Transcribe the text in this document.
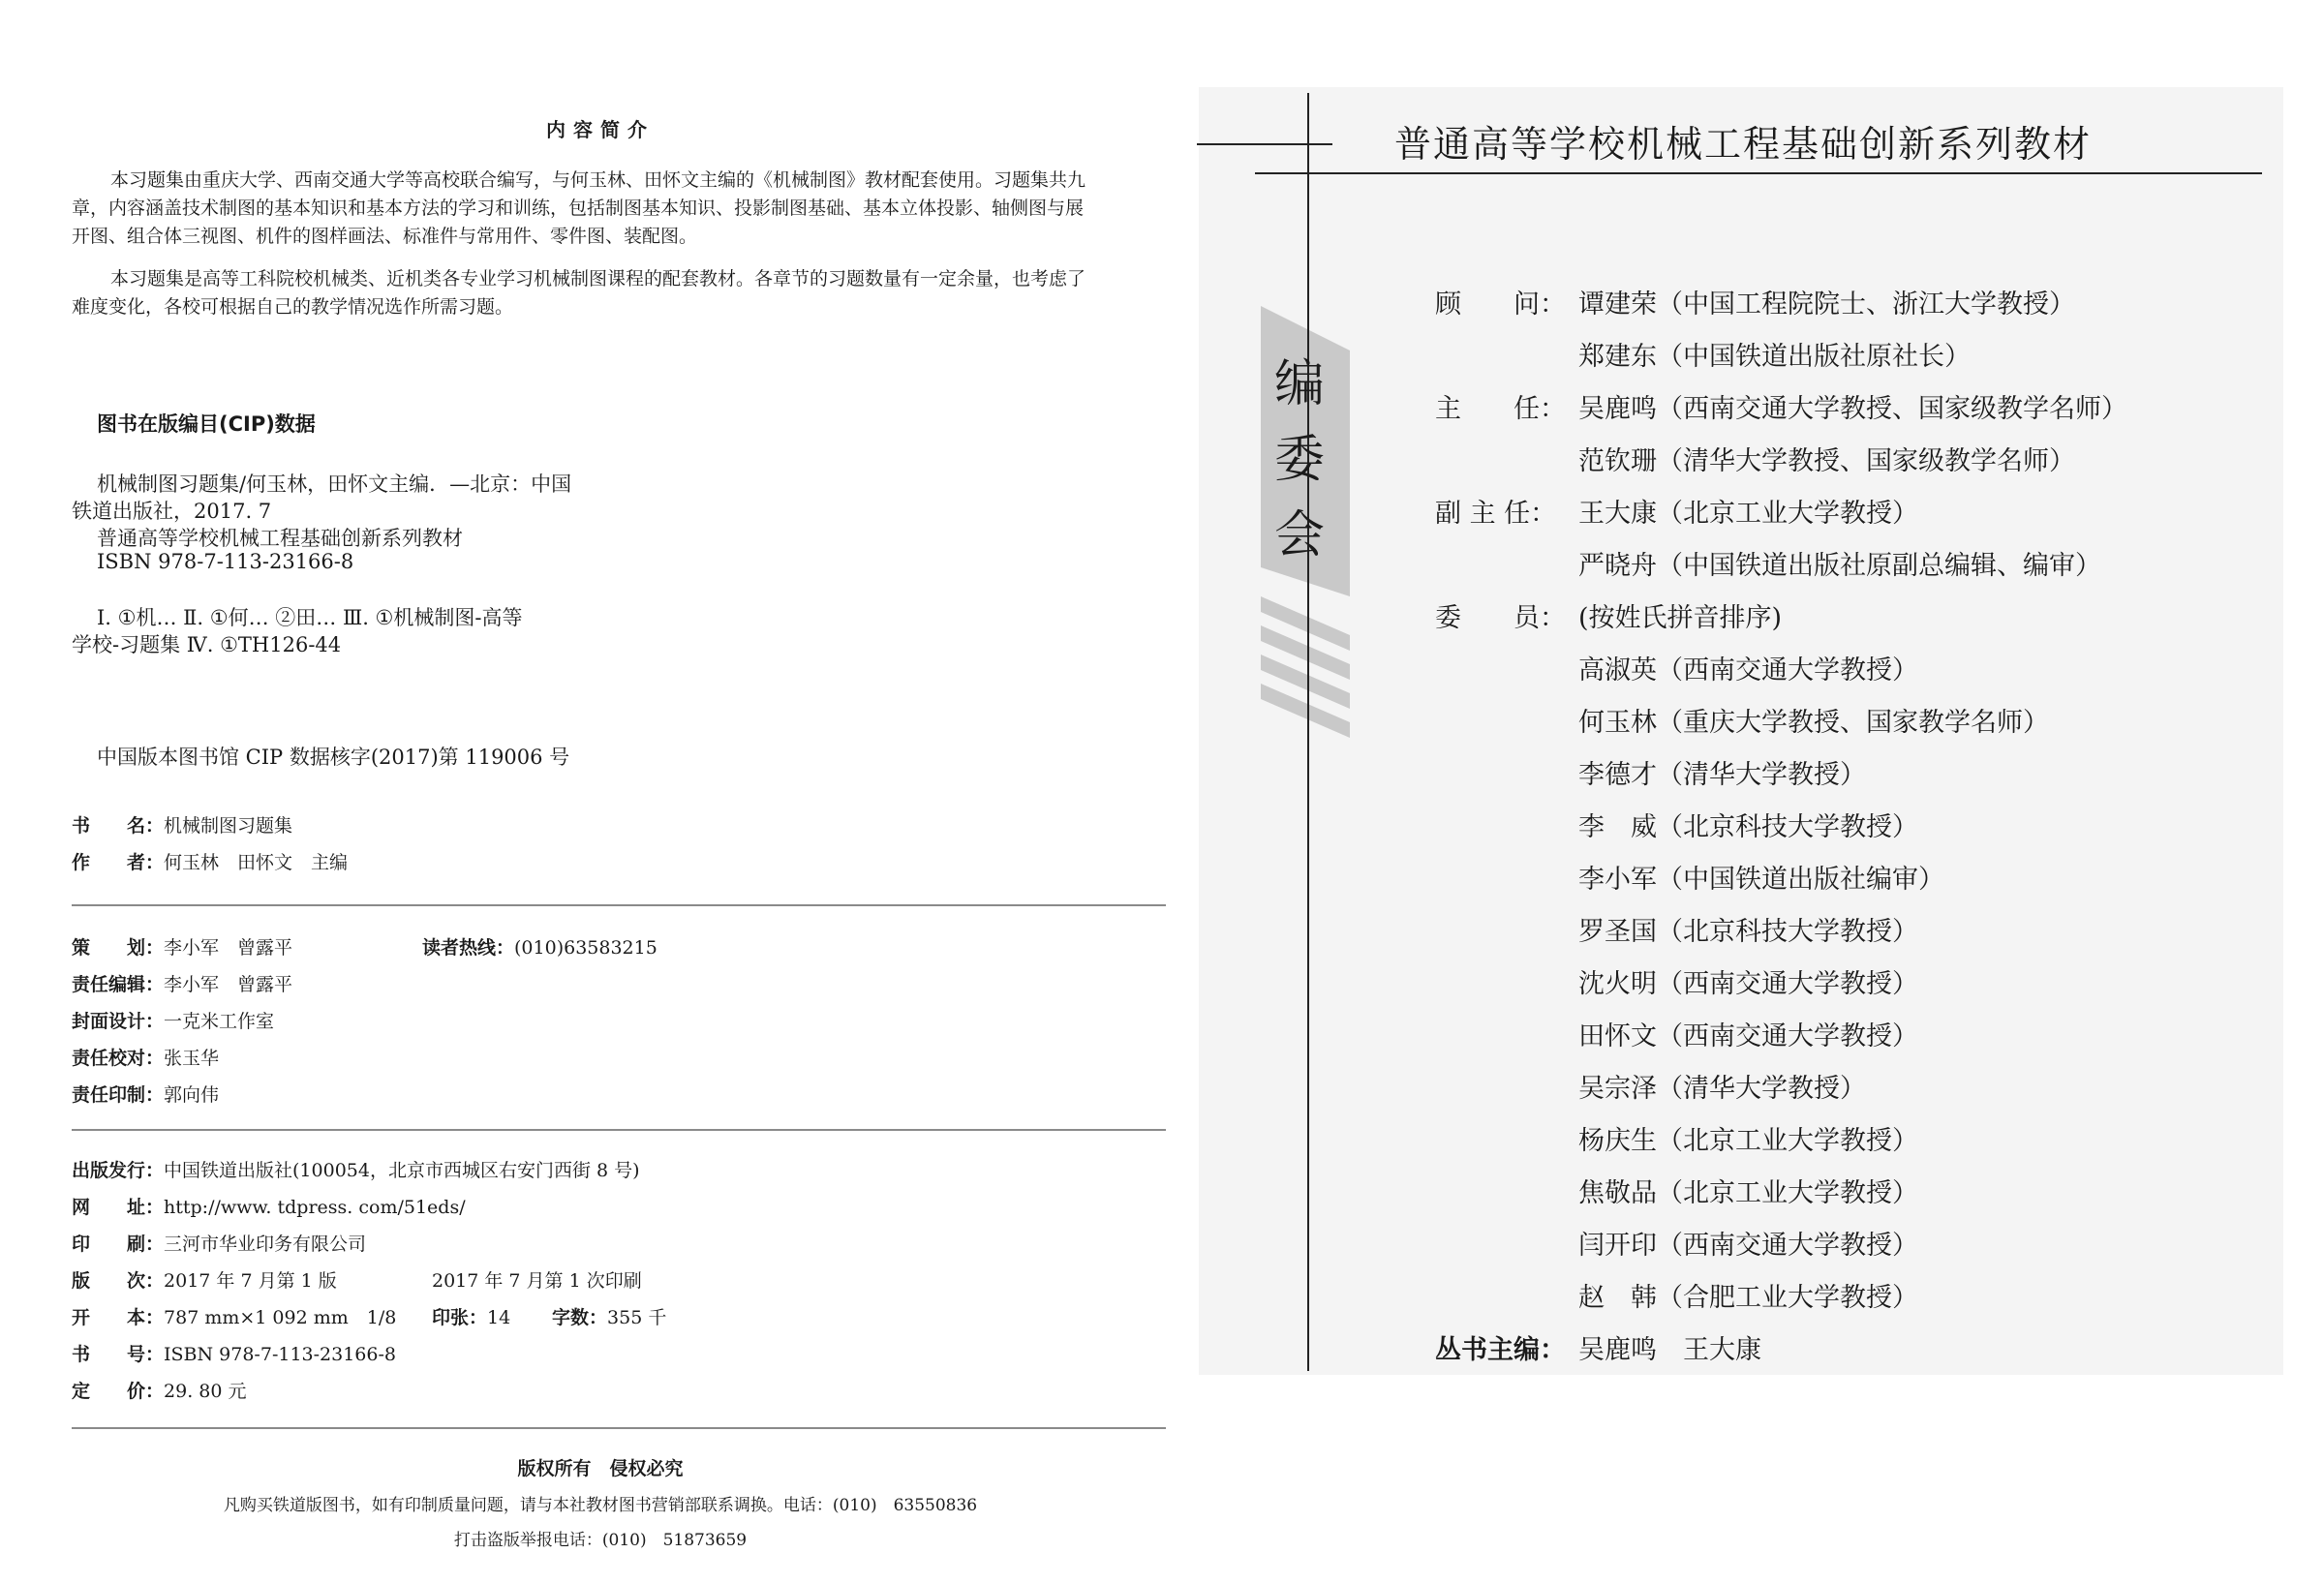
内容简介
本习题集由重庆大学、西南交通大学等高校联合编写，与何玉林、田怀文主编的《机械制图》教材配套使用。习题集共九章，内容涵盖技术制图的基本知识和基本方法的学习和训练，包括制图基本知识、投影制图基础、基本立体投影、轴侧图与展开图、组合体三视图、机件的图样画法、标准件与常用件、零件图、装配图。
本习题集是高等工科院校机械类、近机类各专业学习机械制图课程的配套教材。各章节的习题数量有一定余量，也考虑了难度变化，各校可根据自己的教学情况选作所需习题。
图书在版编目(CIP)数据
机械制图习题集/何玉林，田怀文主编．—北京：中国
铁道出版社，2017. 7
普通高等学校机械工程基础创新系列教材
ISBN 978-7-113-23166-8
Ⅰ. ①机… Ⅱ. ①何… ②田… Ⅲ. ①机械制图-高等
学校-习题集 Ⅳ. ①TH126-44
中国版本图书馆 CIP 数据核字(2017)第 119006 号
书　　名：机械制图习题集
作　　者：何玉林　田怀文　主编
策　　划：李小军　曾露平	读者热线：(010)63583215
责任编辑：李小军　曾露平
封面设计：一克米工作室
责任校对：张玉华
责任印制：郭向伟
出版发行：中国铁道出版社(100054，北京市西城区右安门西街 8 号)
网　　址：http://www. tdpress. com/51eds/
印　　刷：三河市华业印务有限公司
版　　次：2017 年 7 月第 1 版	2017 年 7 月第 1 次印刷
开　　本：787 mm×1 092 mm　1/8 印张：14 字数：355 千
书　　号：ISBN 978-7-113-23166-8
定　　价：29. 80 元
版权所有　侵权必究
凡购买铁道版图书，如有印制质量问题，请与本社教材图书营销部联系调换。电话：(010)　63550836
打击盗版举报电话：(010)　51873659
普通高等学校机械工程基础创新系列教材
编委会
顾　　问： 谭建荣（中国工程院院士、浙江大学教授）
郑建东（中国铁道出版社原社长）
主　　任： 吴鹿鸣（西南交通大学教授、国家级教学名师）
范钦珊（清华大学教授、国家级教学名师）
副 主 任： 王大康（北京工业大学教授）
严晓舟（中国铁道出版社原副总编辑、编审）
委　　员： (按姓氏拼音排序)
高淑英（西南交通大学教授）
何玉林（重庆大学教授、国家教学名师）
李德才（清华大学教授）
李　威（北京科技大学教授）
李小军（中国铁道出版社编审）
罗圣国（北京科技大学教授）
沈火明（西南交通大学教授）
田怀文（西南交通大学教授）
吴宗泽（清华大学教授）
杨庆生（北京工业大学教授）
焦敬品（北京工业大学教授）
闫开印（西南交通大学教授）
赵　韩（合肥工业大学教授）
丛书主编： 吴鹿鸣　王大康
